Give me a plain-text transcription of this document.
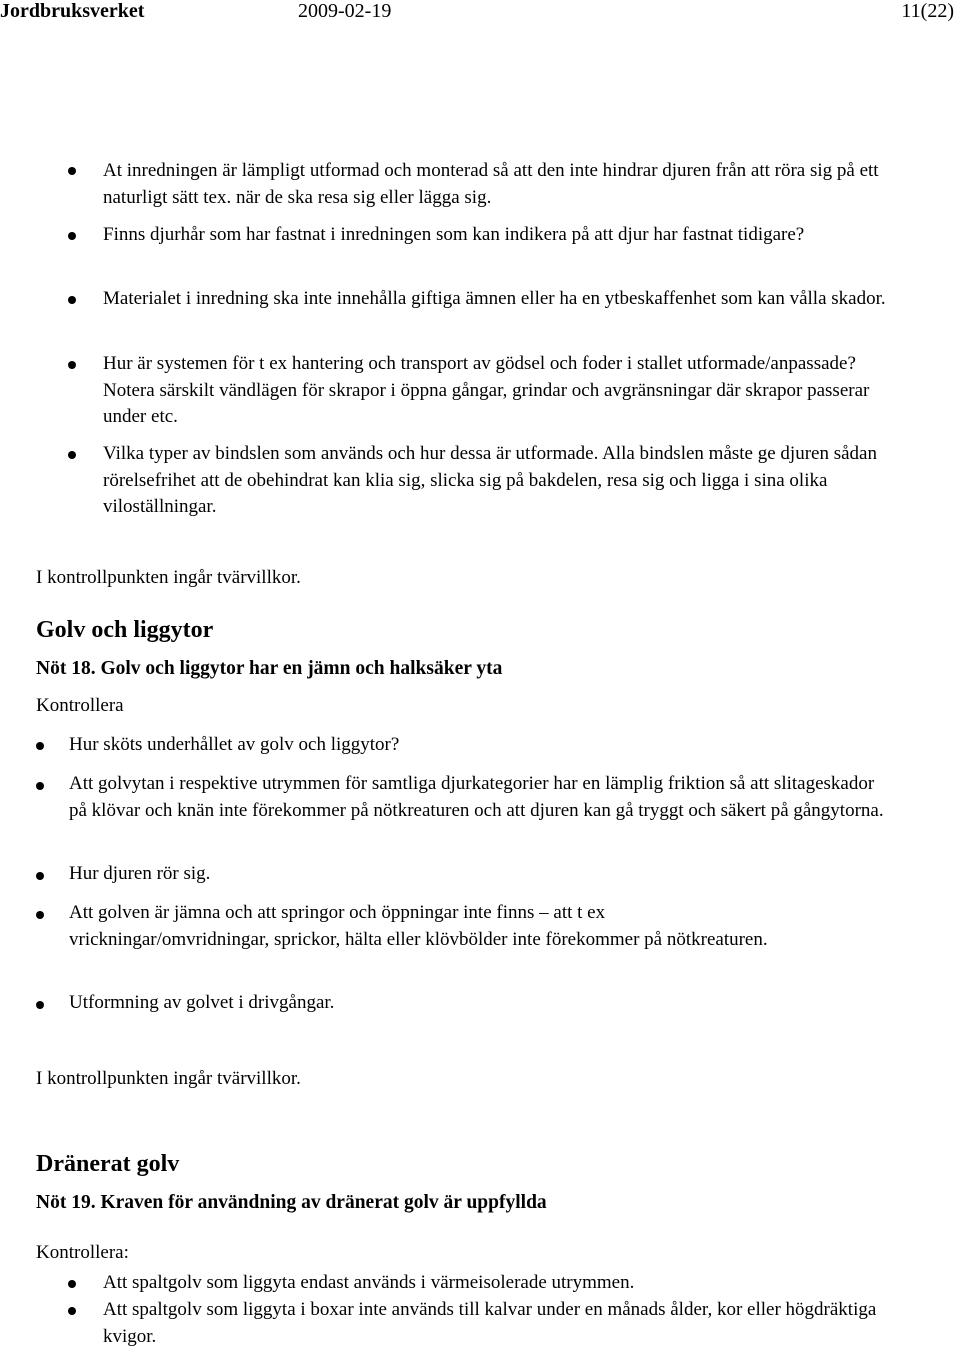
Jordbruksverket	2009-02-19	11(22)
At inredningen är lämpligt utformad och monterad så att den inte hindrar djuren från att röra sig på ett naturligt sätt tex. när de ska resa sig eller lägga sig.
Finns djurhår som har fastnat i inredningen som kan indikera på att djur har fastnat tidigare?
Materialet i inredning ska inte innehålla giftiga ämnen eller ha en ytbeskaffenhet som kan vålla skador.
Hur är systemen för t ex hantering och transport av gödsel och foder i stallet utformade/anpassade? Notera särskilt vändlägen för skrapor i öppna gångar, grindar och avgränsningar där skrapor passerar under etc.
Vilka typer av bindslen som används och hur dessa är utformade. Alla bindslen måste ge djuren sådan rörelsefrihet att de obehindrat kan klia sig, slicka sig på bakdelen, resa sig och ligga i sina olika viloställningar.
I kontrollpunkten ingår tvärvillkor.
Golv och liggytor
Nöt 18. Golv och liggytor har en jämn och halksäker yta
Kontrollera
Hur sköts underhållet av golv och liggytor?
Att golvytan i respektive utrymmen för samtliga djurkategorier har en lämplig friktion så att slitageskador på klövar och knän inte förekommer på nötkreaturen och att djuren kan gå tryggt och säkert på gångytorna.
Hur djuren rör sig.
Att golven är jämna och att springor och öppningar inte finns – att t ex vrickningar/omvridningar, sprickor, hälta eller klövbölder inte förekommer på nötkreaturen.
Utformning av golvet i drivgångar.
I kontrollpunkten ingår tvärvillkor.
Dränerat golv
Nöt 19. Kraven för användning av dränerat golv är uppfyllda
Kontrollera:
Att spaltgolv som liggyta endast används i värmeisolerade utrymmen.
Att spaltgolv som liggyta i boxar inte används till kalvar under en månads ålder, kor eller högdräktiga kvigor.
